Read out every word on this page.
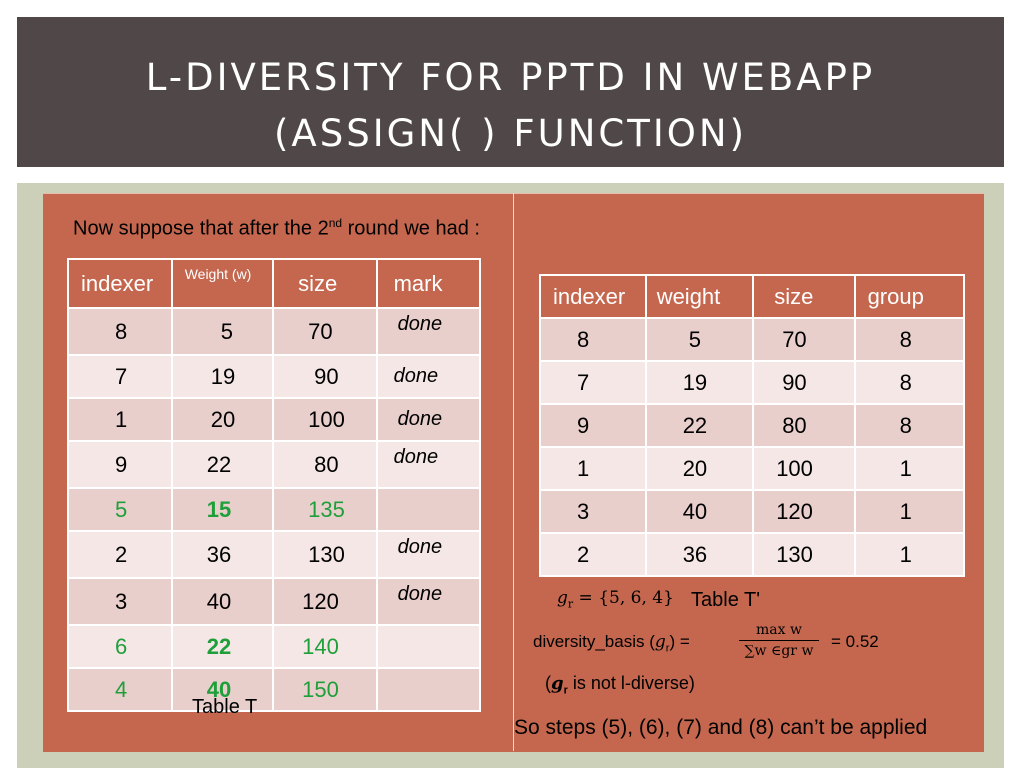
L-DIVERSITY FOR PPTD IN WEBAPP
(ASSIGN( ) FUNCTION)
Now suppose that after the 2nd round we had :
indexer	Weight (w)	size	mark
8	5	70	done
7	19	90	done
1	20	100	done
9	22	80	done
5	15	135	
2	36	130	done
3	40	120	done
6	22	140	
4	40	150	
Table T
indexer	weight	size	group
8	5	70	8
7	19	90	8
9	22	80	8
1	20	100	1
3	40	120	1
2	36	130	1
$g_r = \{5$, 6, 4} Table T'
diversity_basis $(g_r)$ =
max w
∑w ∈gr w	= 0.52
($g_r$ is not l-diverse)
So steps (5), (6), (7) and (8) can’t be applied
